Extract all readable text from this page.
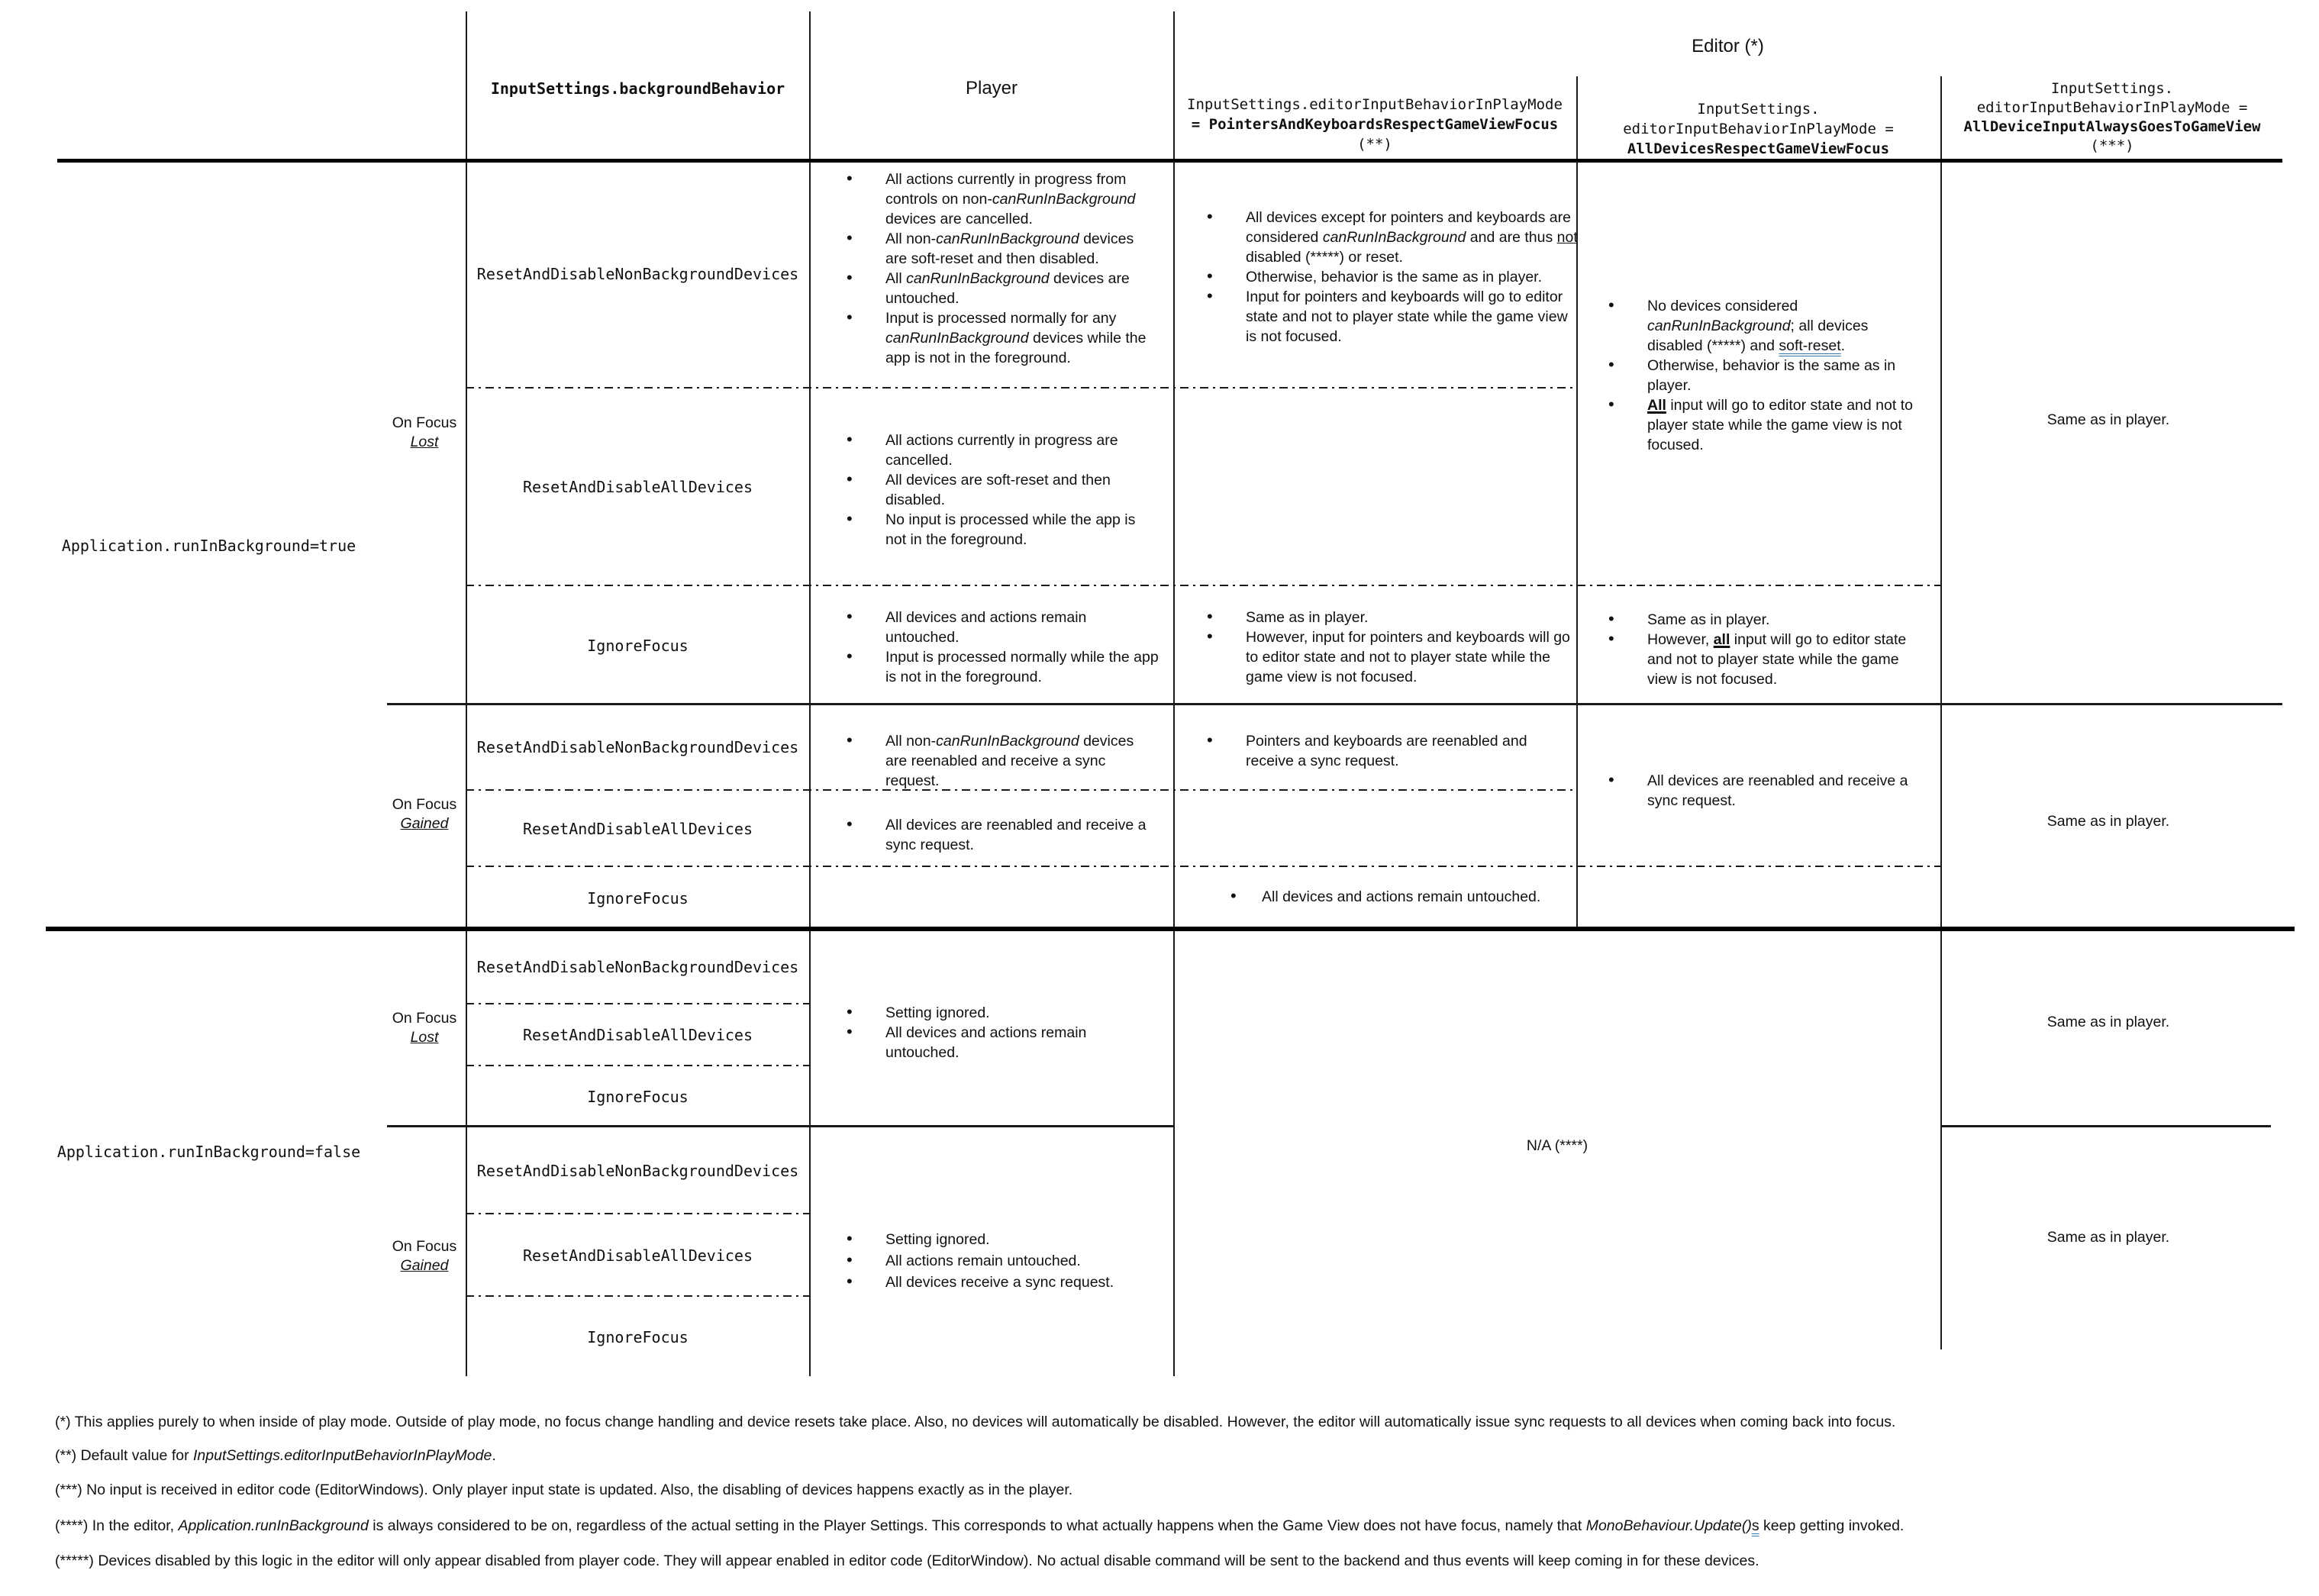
InputSettings.backgroundBehavior	Player
Editor (*)
InputSettings.editorInputBehaviorInPlayMode
= PointersAndKeyboardsRespectGameViewFocus
(**)
InputSettings.
editorInputBehaviorInPlayMode =
AllDevicesRespectGameViewFocus
InputSettings.
editorInputBehaviorInPlayMode =
AllDeviceInputAlwaysGoesToGameView
(***)
Application.runInBackground=true
Application.runInBackground=false
On Focus
Lost
On Focus
Gained
On Focus
Lost
On Focus
Gained
ResetAndDisableNonBackgroundDevices
ResetAndDisableAllDevices
IgnoreFocus
ResetAndDisableNonBackgroundDevices
ResetAndDisableAllDevices
IgnoreFocus
ResetAndDisableNonBackgroundDevices
ResetAndDisableAllDevices
IgnoreFocus
ResetAndDisableNonBackgroundDevices
ResetAndDisableAllDevices
IgnoreFocus
• All actions currently in progress from controls on non-canRunInBackground devices are cancelled.
• All non-canRunInBackground devices are soft-reset and then disabled.
• All canRunInBackground devices are untouched.
• Input is processed normally for any canRunInBackground devices while the app is not in the foreground.
• All devices except for pointers and keyboards are considered canRunInBackground and are thus not disabled (*****) or reset.
• Otherwise, behavior is the same as in player.
• Input for pointers and keyboards will go to editor state and not to player state while the game view is not focused.
• No devices considered canRunInBackground; all devices disabled (*****) and soft-reset.
• Otherwise, behavior is the same as in player.
• All input will go to editor state and not to player state while the game view is not focused.
• All actions currently in progress are cancelled.
• All devices are soft-reset and then disabled.
• No input is processed while the app is not in the foreground.
• All devices and actions remain untouched.
• Input is processed normally while the app is not in the foreground.
• Same as in player.
• However, input for pointers and keyboards will go to editor state and not to player state while the game view is not focused.
• Same as in player.
• However, all input will go to editor state and not to player state while the game view is not focused.
Same as in player.
• All non-canRunInBackground devices are reenabled and receive a sync request.
• Pointers and keyboards are reenabled and receive a sync request.
• All devices are reenabled and receive a sync request.
• All devices are reenabled and receive a sync request.
• All devices and actions remain untouched.
Same as in player.
• Setting ignored.
• All devices and actions remain untouched.
N/A (****)
Same as in player.
• Setting ignored.
• All actions remain untouched.
• All devices receive a sync request.
Same as in player.
(*) This applies purely to when inside of play mode. Outside of play mode, no focus change handling and device resets take place. Also, no devices will automatically be disabled. However, the editor will automatically issue sync requests to all devices when coming back into focus.
(**) Default value for InputSettings.editorInputBehaviorInPlayMode.
(***) No input is received in editor code (EditorWindows). Only player input state is updated. Also, the disabling of devices happens exactly as in the player.
(****) In the editor, Application.runInBackground is always considered to be on, regardless of the actual setting in the Player Settings. This corresponds to what actually happens when the Game View does not have focus, namely that MonoBehaviour.Update()s keep getting invoked.
(*****) Devices disabled by this logic in the editor will only appear disabled from player code. They will appear enabled in editor code (EditorWindow). No actual disable command will be sent to the backend and thus events will keep coming in for these devices.
